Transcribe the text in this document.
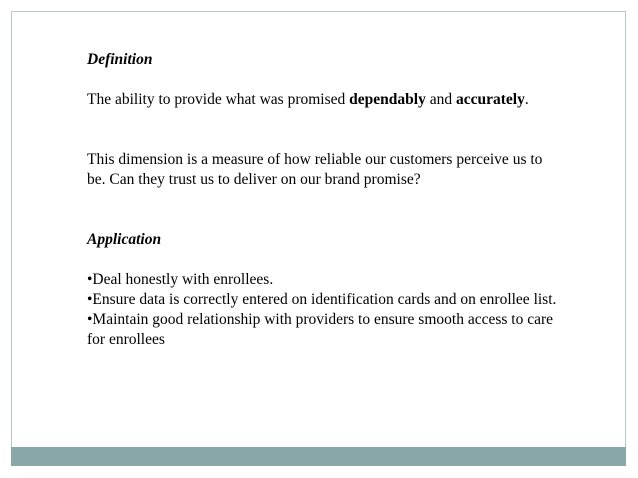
Definition

The ability to provide what was promised dependably and accurately.

This dimension is a measure of how reliable our customers perceive us to be. Can they trust us to deliver on our brand promise?

Application

•Deal honestly with enrollees.
•Ensure data is correctly entered on identification cards and on enrollee list.
•Maintain good relationship with providers to ensure smooth access to care for enrollees
